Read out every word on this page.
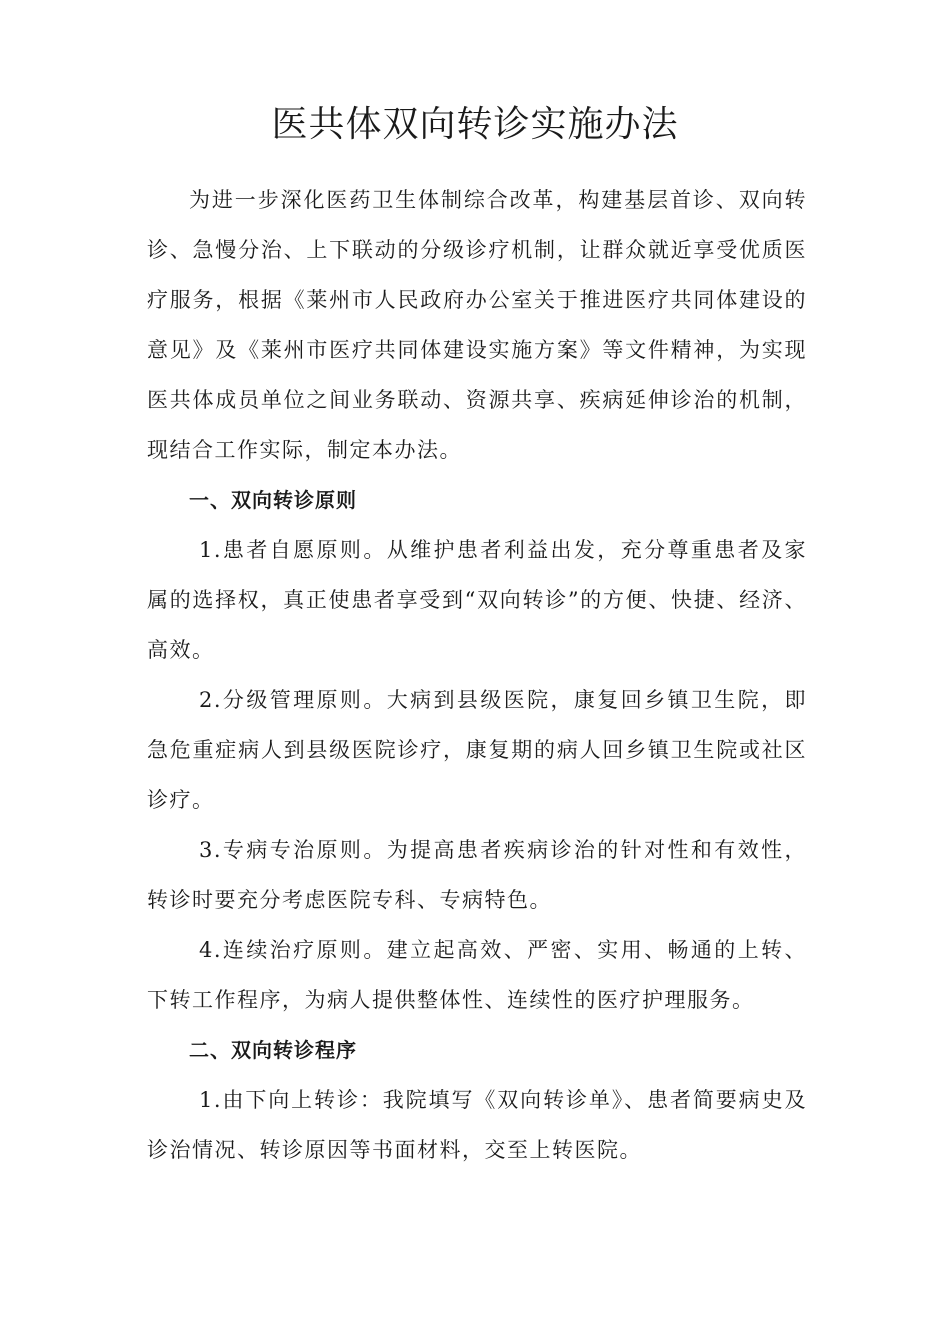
医共体双向转诊实施办法

为进一步深化医药卫生体制综合改革，构建基层首诊、双向转诊、急慢分治、上下联动的分级诊疗机制，让群众就近享受优质医疗服务，根据《莱州市人民政府办公室关于推进医疗共同体建设的意见》及《莱州市医疗共同体建设实施方案》等文件精神，为实现医共体成员单位之间业务联动、资源共享、疾病延伸诊治的机制，现结合工作实际，制定本办法。

一、双向转诊原则

1.患者自愿原则。从维护患者利益出发，充分尊重患者及家属的选择权，真正使患者享受到“双向转诊”的方便、快捷、经济、高效。

2.分级管理原则。大病到县级医院，康复回乡镇卫生院，即急危重症病人到县级医院诊疗，康复期的病人回乡镇卫生院或社区诊疗。

3.专病专治原则。为提高患者疾病诊治的针对性和有效性，转诊时要充分考虑医院专科、专病特色。

4.连续治疗原则。建立起高效、严密、实用、畅通的上转、下转工作程序，为病人提供整体性、连续性的医疗护理服务。

二、双向转诊程序

1.由下向上转诊：我院填写《双向转诊单》、患者简要病史及诊治情况、转诊原因等书面材料，交至上转医院。
